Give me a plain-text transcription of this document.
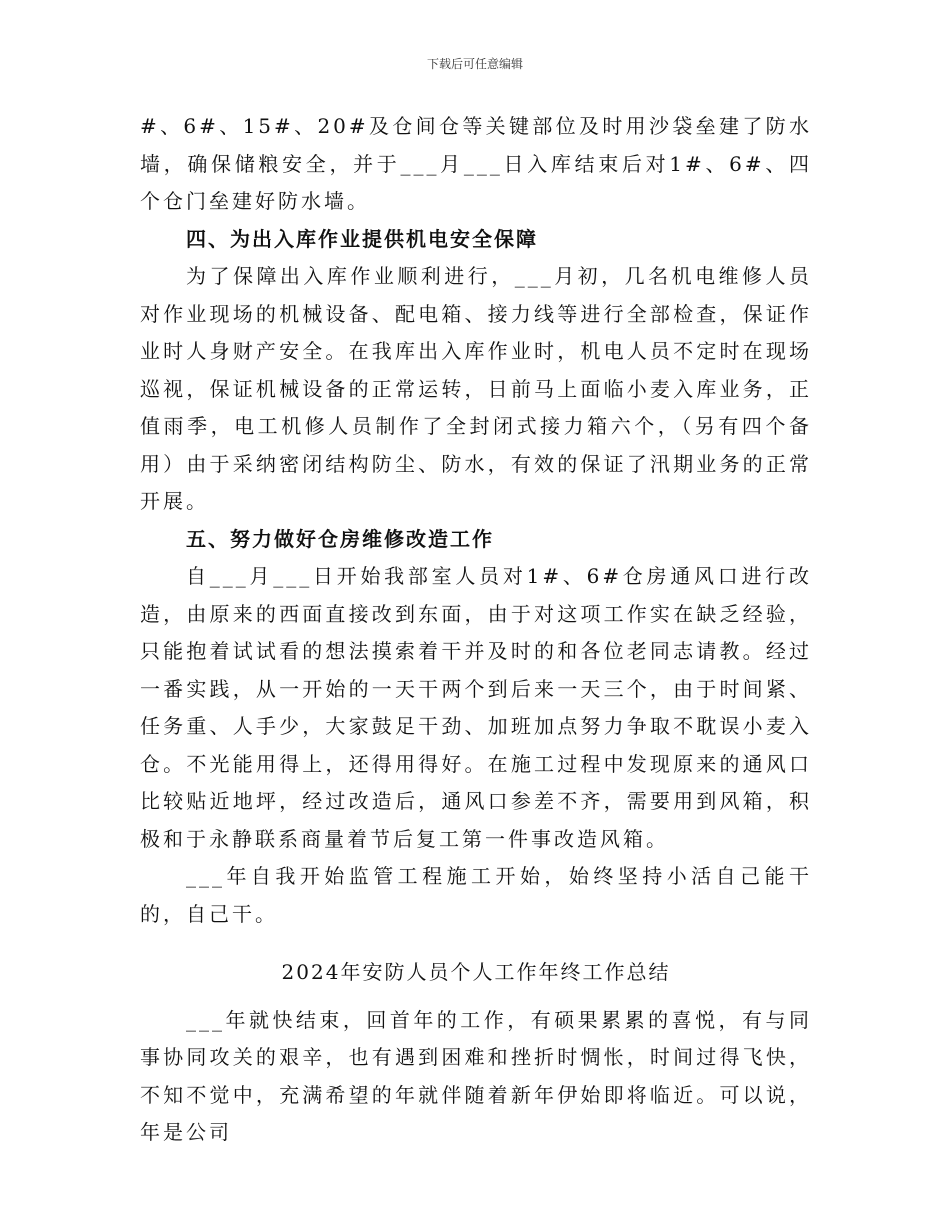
下载后可任意编辑

#、6#、15#、20#及仓间仓等关键部位及时用沙袋垒建了防水墙，确保储粮安全，并于___月___日入库结束后对1#、6#、四个仓门垒建好防水墙。

四、为出入库作业提供机电安全保障

为了保障出入库作业顺利进行，___月初，几名机电维修人员对作业现场的机械设备、配电箱、接力线等进行全部检查，保证作业时人身财产安全。在我库出入库作业时，机电人员不定时在现场巡视，保证机械设备的正常运转，日前马上面临小麦入库业务，正值雨季，电工机修人员制作了全封闭式接力箱六个，（另有四个备用）由于采纳密闭结构防尘、防水，有效的保证了汛期业务的正常开展。

五、努力做好仓房维修改造工作

自___月___日开始我部室人员对1#、6#仓房通风口进行改造，由原来的西面直接改到东面，由于对这项工作实在缺乏经验，只能抱着试试看的想法摸索着干并及时的和各位老同志请教。经过一番实践，从一开始的一天干两个到后来一天三个，由于时间紧、任务重、人手少，大家鼓足干劲、加班加点努力争取不耽误小麦入仓。不光能用得上，还得用得好。在施工过程中发现原来的通风口比较贴近地坪，经过改造后，通风口参差不齐，需要用到风箱，积极和于永静联系商量着节后复工第一件事改造风箱。

___年自我开始监管工程施工开始，始终坚持小活自己能干的，自己干。

2024年安防人员个人工作年终工作总结

___年就快结束，回首年的工作，有硕果累累的喜悦，有与同事协同攻关的艰辛，也有遇到困难和挫折时惆怅，时间过得飞快，不知不觉中，充满希望的年就伴随着新年伊始即将临近。可以说，年是公司
